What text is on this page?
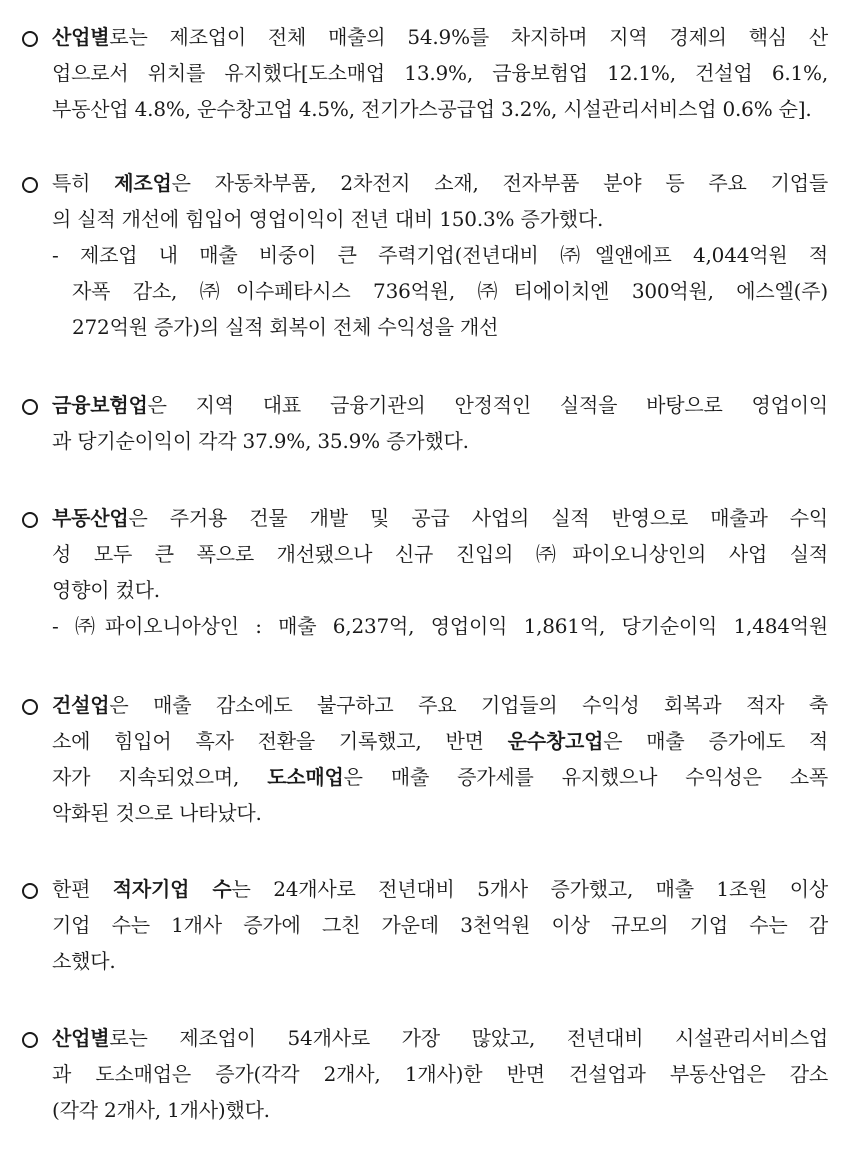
산업별로는 제조업이 전체 매출의 54.9%를 차지하며 지역 경제의 핵심 산
업으로서 위치를 유지했다[도소매업 13.9%, 금융보험업 12.1%, 건설업 6.1%,
부동산업 4.8%, 운수창고업 4.5%, 전기가스공급업 3.2%, 시설관리서비스업 0.6% 순].
특히 제조업은 자동차부품, 2차전지 소재, 전자부품 분야 등 주요 기업들
의 실적 개선에 힘입어 영업이익이 전년 대비 150.3% 증가했다.
- 제조업 내 매출 비중이 큰 주력기업(전년대비 ㈜엘앤에프 4,044억원 적
자폭 감소, ㈜이수페타시스 736억원, ㈜티에이치엔 300억원, 에스엘(주)
272억원 증가)의 실적 회복이 전체 수익성을 개선
금융보험업은 지역 대표 금융기관의 안정적인 실적을 바탕으로 영업이익
과 당기순이익이 각각 37.9%, 35.9% 증가했다.
부동산업은 주거용 건물 개발 및 공급 사업의 실적 반영으로 매출과 수익
성 모두 큰 폭으로 개선됐으나 신규 진입의 ㈜파이오니상인의 사업 실적
영향이 컸다.
- ㈜파이오니아상인 : 매출 6,237억, 영업이익 1,861억, 당기순이익 1,484억원
건설업은 매출 감소에도 불구하고 주요 기업들의 수익성 회복과 적자 축
소에 힘입어 흑자 전환을 기록했고, 반면 운수창고업은 매출 증가에도 적
자가 지속되었으며, 도소매업은 매출 증가세를 유지했으나 수익성은 소폭
악화된 것으로 나타났다.
한편 적자기업 수는 24개사로 전년대비 5개사 증가했고, 매출 1조원 이상
기업 수는 1개사 증가에 그친 가운데 3천억원 이상 규모의 기업 수는 감
소했다.
산업별로는 제조업이 54개사로 가장 많았고, 전년대비 시설관리서비스업
과 도소매업은 증가(각각 2개사, 1개사)한 반면 건설업과 부동산업은 감소
(각각 2개사, 1개사)했다.
